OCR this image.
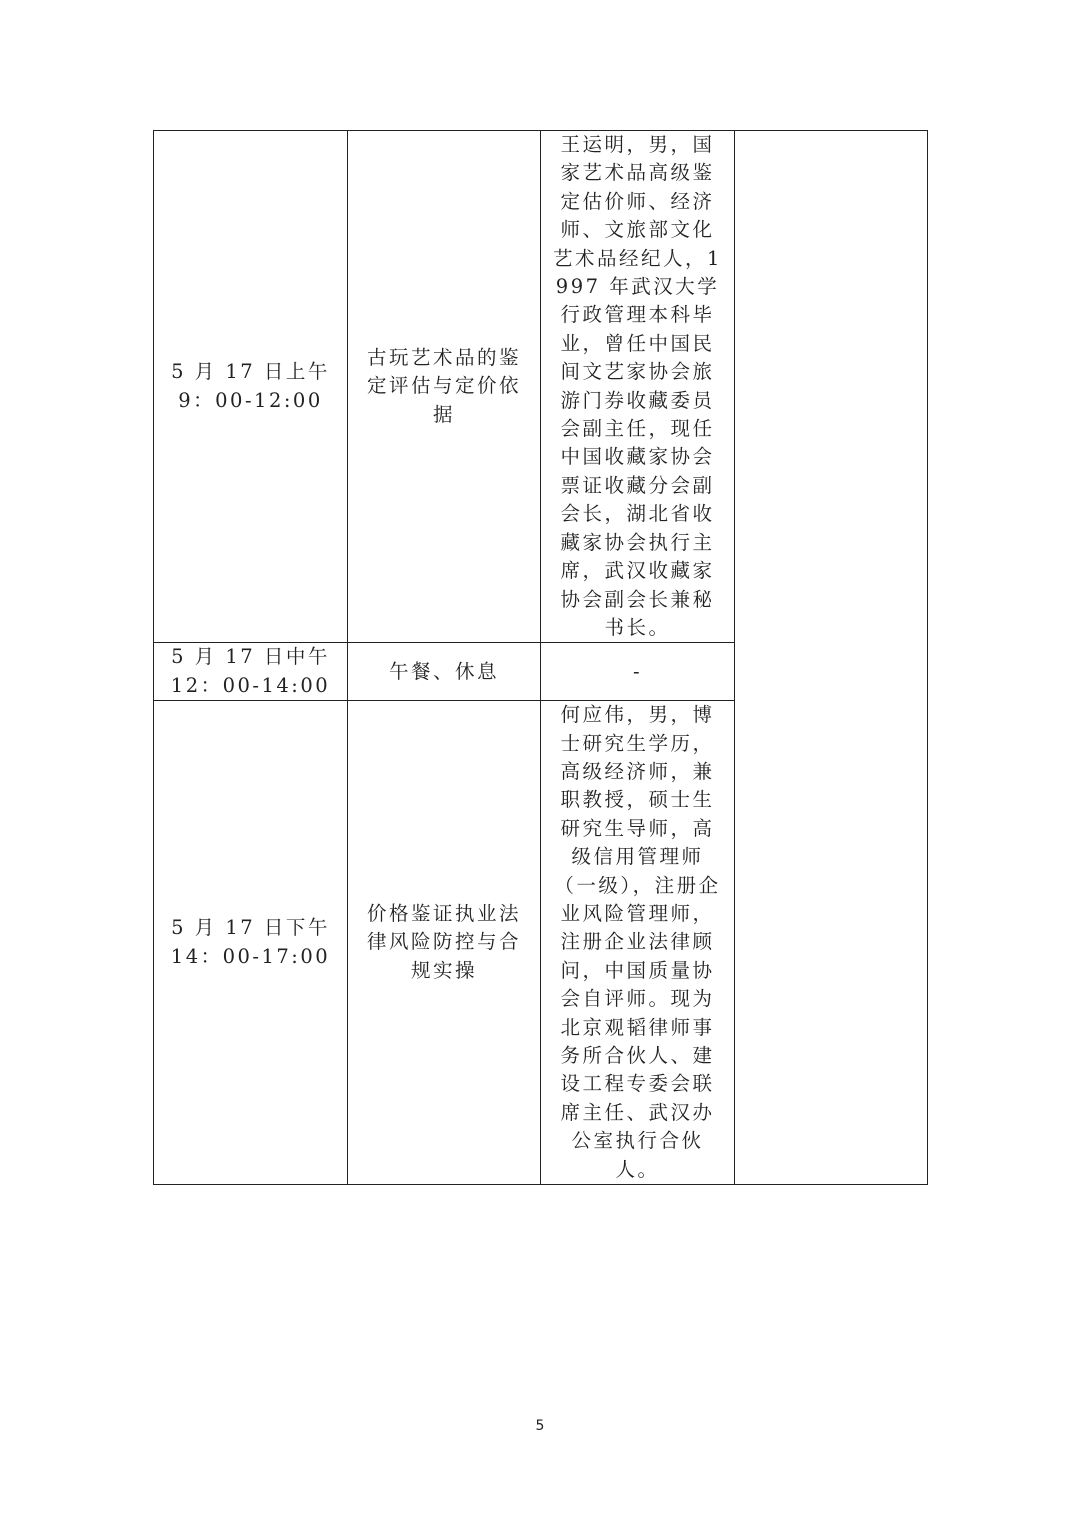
5 月 17 日上午
9：00-12:00	古玩艺术品的鉴定评估与定价依据	王运明，男，国家艺术品高级鉴定估价师、经济师、文旅部文化艺术品经纪人，1997 年武汉大学行政管理本科毕业，曾任中国民间文艺家协会旅游门券收藏委员会副主任，现任中国收藏家协会票证收藏分会副会长，湖北省收藏家协会执行主席，武汉收藏家协会副会长兼秘书长。	

5 月 17 日中午
12：00-14:00	午餐、休息	-	

5 月 17 日下午
14：00-17:00	价格鉴证执业法律风险防控与合规实操	何应伟，男，博士研究生学历，高级经济师，兼职教授，硕士生研究生导师，高级信用管理师（一级），注册企业风险管理师，注册企业法律顾问，中国质量协会自评师。现为北京观韬律师事务所合伙人、建设工程专委会联席主任、武汉办公室执行合伙人。	
5
